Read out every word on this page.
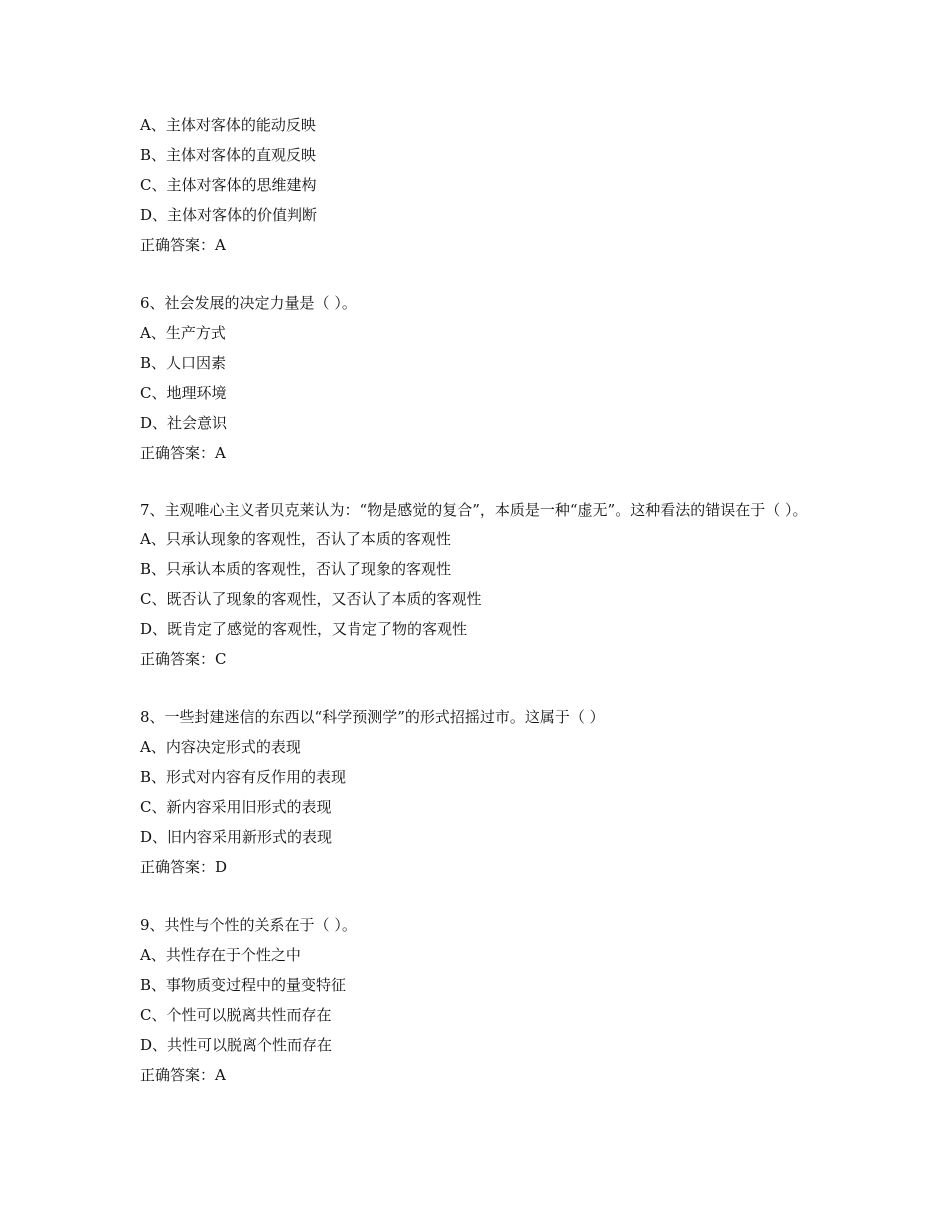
A、主体对客体的能动反映
B、主体对客体的直观反映
C、主体对客体的思维建构
D、主体对客体的价值判断
正确答案：A
6、社会发展的决定力量是（ ）。
A、生产方式
B、人口因素
C、地理环境
D、社会意识
正确答案：A
7、主观唯心主义者贝克莱认为：“物是感觉的复合”，本质是一种“虚无”。这种看法的错误在于（ ）。
A、只承认现象的客观性，否认了本质的客观性
B、只承认本质的客观性，否认了现象的客观性
C、既否认了现象的客观性，又否认了本质的客观性
D、既肯定了感觉的客观性，又肯定了物的客观性
正确答案：C
8、一些封建迷信的东西以“科学预测学”的形式招摇过市。这属于（ ）
A、内容决定形式的表现
B、形式对内容有反作用的表现
C、新内容采用旧形式的表现
D、旧内容采用新形式的表现
正确答案：D
9、共性与个性的关系在于（ ）。
A、共性存在于个性之中
B、事物质变过程中的量变特征
C、个性可以脱离共性而存在
D、共性可以脱离个性而存在
正确答案：A
